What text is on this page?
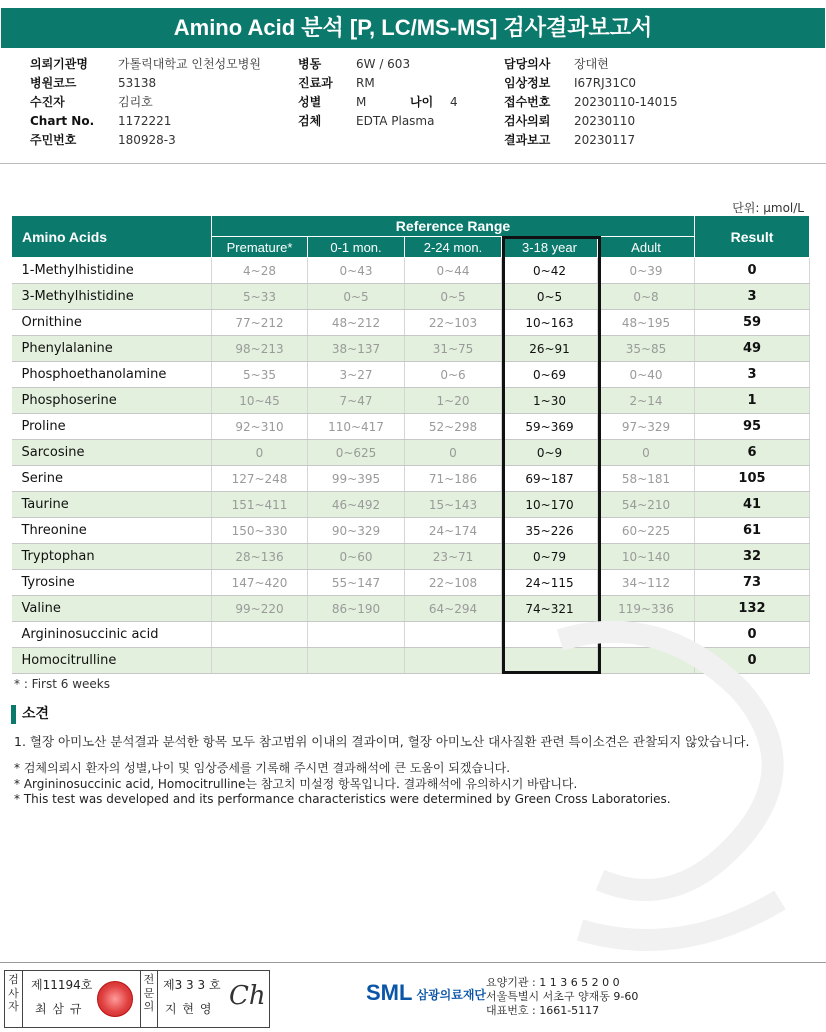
Amino Acid 분석 [P, LC/MS-MS] 검사결과보고서
의뢰기관명	가톨릭대학교 인천성모병원
병원코드	53138
수진자	김리호
Chart No. 1172221
주민번호	180928-3
병동	6W / 603
진료과 RM
성별	M	나이 4
검체	EDTA Plasma
담당의사 장대현
임상정보 I67RJ31C0
접수번호 20230110-14015
검사의뢰 20230110
결과보고 20230117
단위: μmol/L
Amino Acids	Reference Range					Result
	Premature*	0-1 mon.	2-24 mon.	3-18 year	Adult	
1-Methylhistidine	4~28	0~43	0~44	0~42	0~39	0
3-Methylhistidine	5~33	0~5	0~5	0~5	0~8	3
Ornithine	77~212	48~212	22~103	10~163	48~195	59
Phenylalanine	98~213	38~137	31~75	26~91	35~85	49
Phosphoethanolamine	5~35	3~27	0~6	0~69	0~40	3
Phosphoserine	10~45	7~47	1~20	1~30	2~14	1
Proline	92~310	110~417	52~298	59~369	97~329	95
Sarcosine	0	0~625	0	0~9	0	6
Serine	127~248	99~395	71~186	69~187	58~181	105
Taurine	151~411	46~492	15~143	10~170	54~210	41
Threonine	150~330	90~329	24~174	35~226	60~225	61
Tryptophan	28~136	0~60	23~71	0~79	10~140	32
Tyrosine	147~420	55~147	22~108	24~115	34~112	73
Valine	99~220	86~190	64~294	74~321	119~336	132
Argininosuccinic acid						0
Homocitrulline						0
* : First 6 weeks
소견
1. 혈장 아미노산 분석결과 분석한 항목 모두 참고범위 이내의 결과이며, 혈장 아미노산 대사질환 관련 특이소견은 관찰되지 않았습니다.
* 검체의뢰시 환자의 성별,나이 및 임상증세를 기록해 주시면 결과해석에 큰 도움이 되겠습니다.
* Argininosuccinic acid, Homocitrulline는 참고치 미설정 항목입니다. 결과해석에 유의하시기 바랍니다.
* This test was developed and its performance characteristics were determined by Green Cross Laboratories.
검사자
제11194호
최 삼 규
전문의
제3 3 3 호
지 현 영 Ch	SML 삼광의료재단
요양기관 : 1 1 3 6 5 2 0 0
서울특별시 서초구 양재동 9-60
대표번호 : 1661-5117
